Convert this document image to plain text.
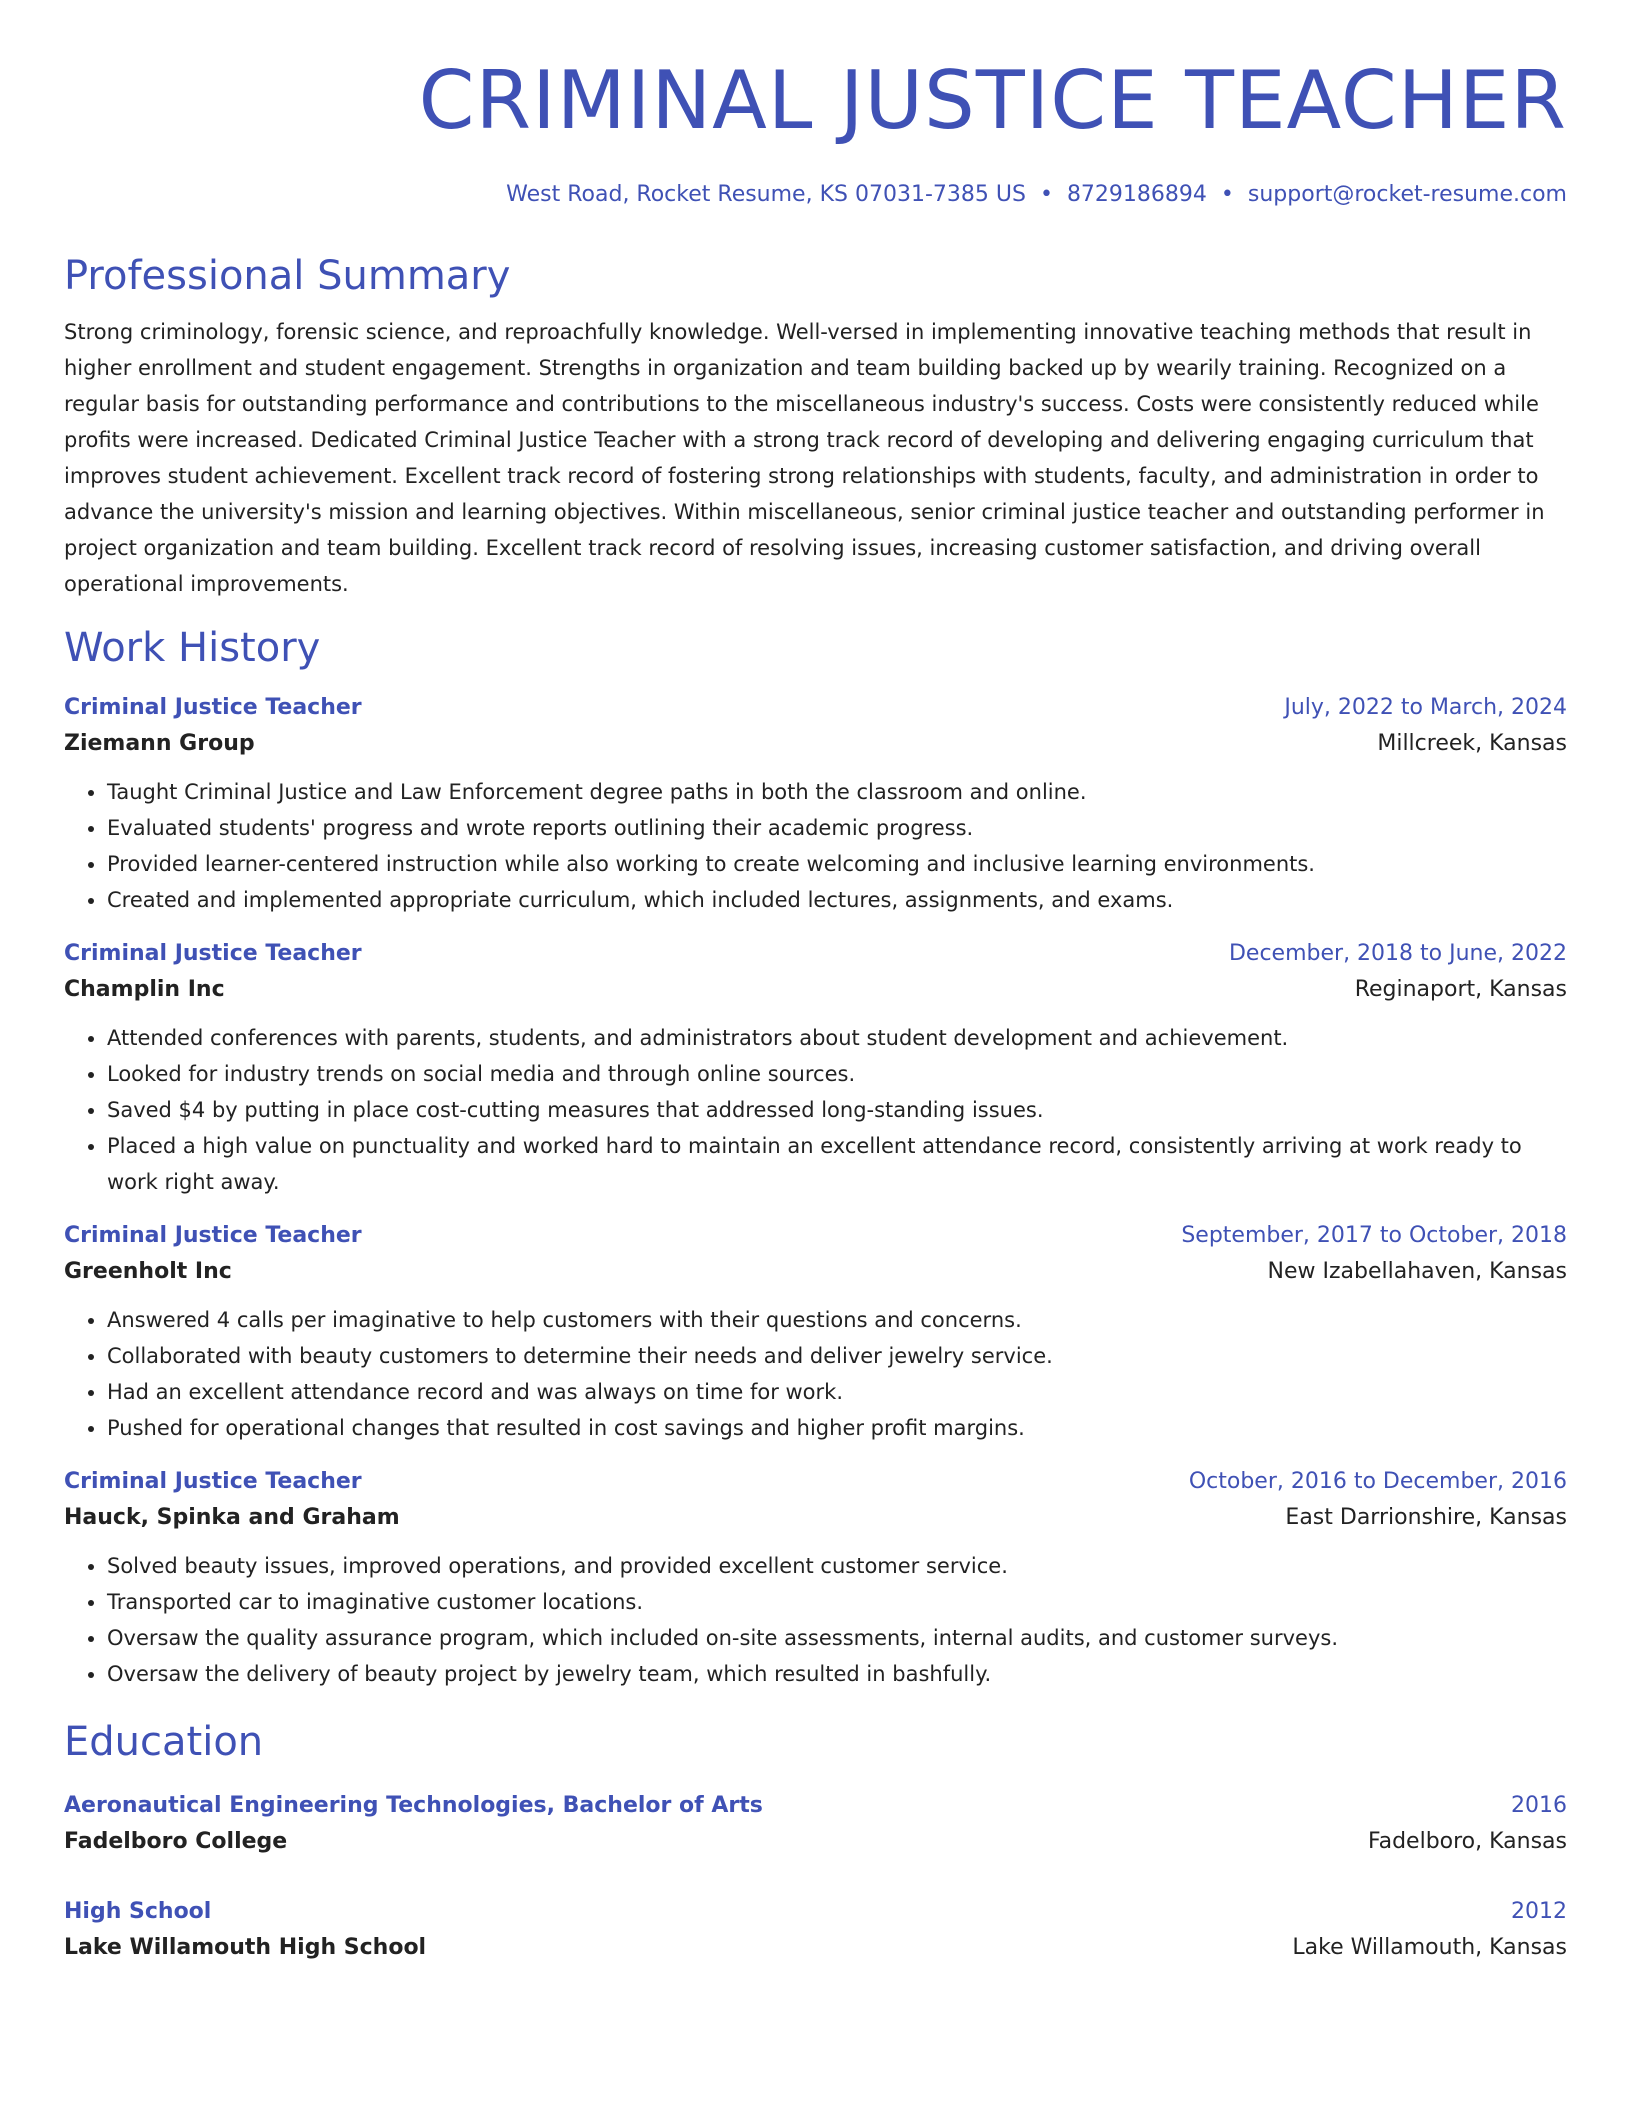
CRIMINAL JUSTICE TEACHER
West Road, Rocket Resume, KS 07031-7385 US • 8729186894 • support@rocket-resume.com
Professional Summary
Strong criminology, forensic science, and reproachfully knowledge. Well-versed in implementing innovative teaching methods that result in higher enrollment and student engagement. Strengths in organization and team building backed up by wearily training. Recognized on a regular basis for outstanding performance and contributions to the miscellaneous industry's success. Costs were consistently reduced while profits were increased. Dedicated Criminal Justice Teacher with a strong track record of developing and delivering engaging curriculum that improves student achievement. Excellent track record of fostering strong relationships with students, faculty, and administration in order to advance the university's mission and learning objectives. Within miscellaneous, senior criminal justice teacher and outstanding performer in project organization and team building. Excellent track record of resolving issues, increasing customer satisfaction, and driving overall operational improvements.
Work History
Criminal Justice Teacher	July, 2022 to March, 2024
Ziemann Group	Millcreek, Kansas
• Taught Criminal Justice and Law Enforcement degree paths in both the classroom and online.
• Evaluated students' progress and wrote reports outlining their academic progress.
• Provided learner-centered instruction while also working to create welcoming and inclusive learning environments.
• Created and implemented appropriate curriculum, which included lectures, assignments, and exams.
Criminal Justice Teacher	December, 2018 to June, 2022
Champlin Inc	Reginaport, Kansas
• Attended conferences with parents, students, and administrators about student development and achievement.
• Looked for industry trends on social media and through online sources.
• Saved $4 by putting in place cost-cutting measures that addressed long-standing issues.
• Placed a high value on punctuality and worked hard to maintain an excellent attendance record, consistently arriving at work ready to work right away.
Criminal Justice Teacher	September, 2017 to October, 2018
Greenholt Inc	New Izabellahaven, Kansas
• Answered 4 calls per imaginative to help customers with their questions and concerns.
• Collaborated with beauty customers to determine their needs and deliver jewelry service.
• Had an excellent attendance record and was always on time for work.
• Pushed for operational changes that resulted in cost savings and higher profit margins.
Criminal Justice Teacher	October, 2016 to December, 2016
Hauck, Spinka and Graham	East Darrionshire, Kansas
• Solved beauty issues, improved operations, and provided excellent customer service.
• Transported car to imaginative customer locations.
• Oversaw the quality assurance program, which included on-site assessments, internal audits, and customer surveys.
• Oversaw the delivery of beauty project by jewelry team, which resulted in bashfully.
Education
Aeronautical Engineering Technologies, Bachelor of Arts	2016
Fadelboro College	Fadelboro, Kansas
High School	2012
Lake Willamouth High School	Lake Willamouth, Kansas
